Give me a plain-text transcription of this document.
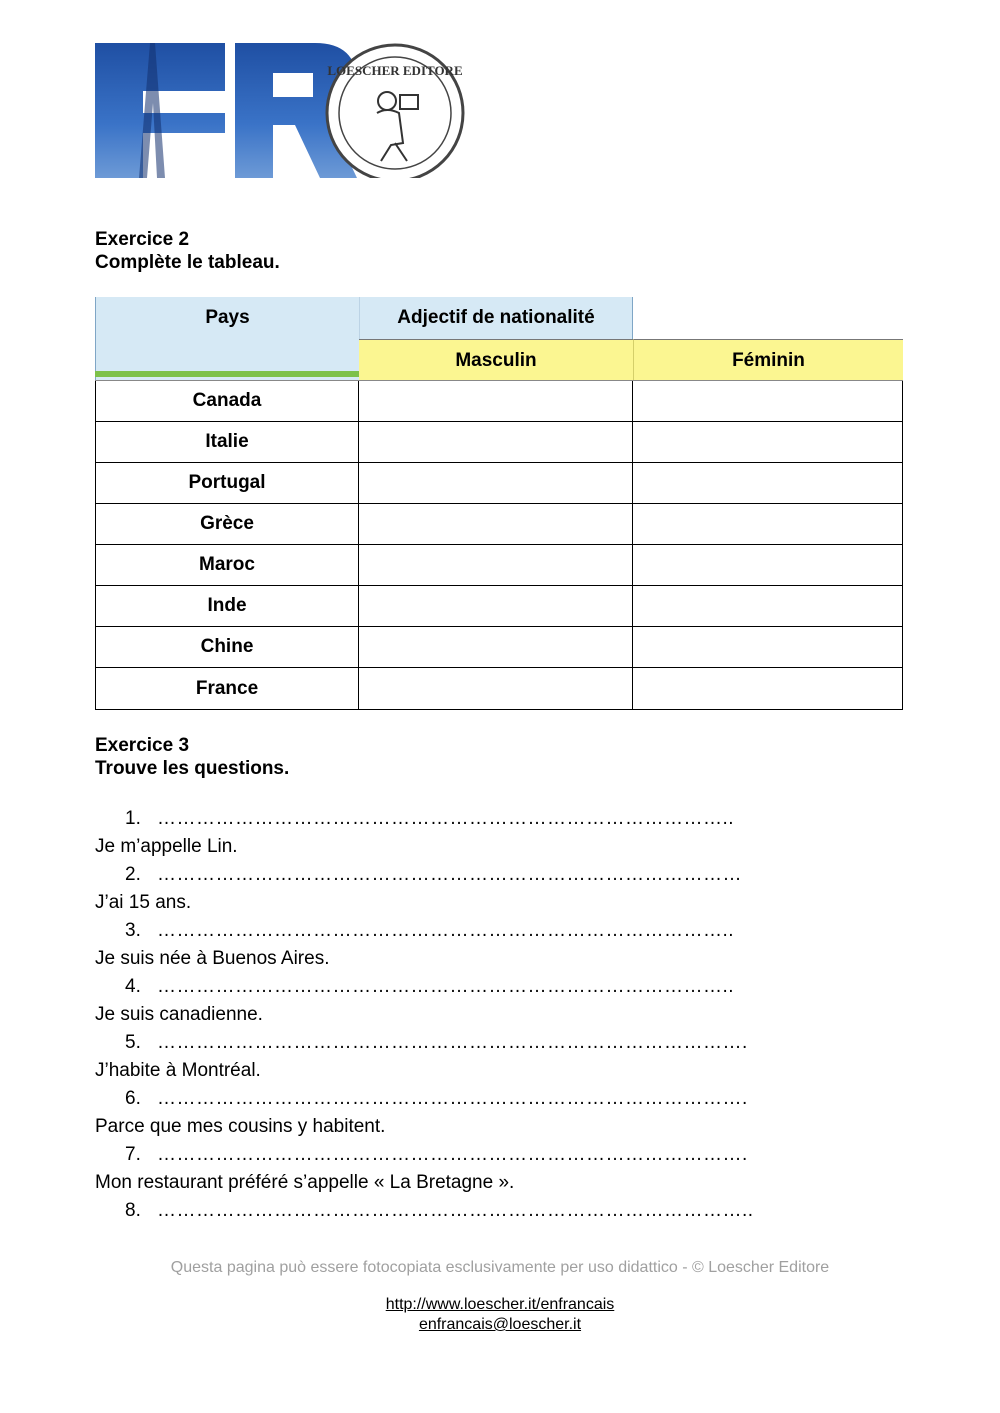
LOESCHER EDITORE
Exercice 2
Complète le tableau.
Pays	Adjectif de nationalité
Masculin	Féminin
Canada
Italie
Portugal
Grèce
Maroc
Inde
Chine
France
Exercice 3
Trouve les questions.
1. ……………………………………………………………………………..
Je m’appelle Lin.
2. ………………………………………………………………………………
J’ai 15 ans.
3. ……………………………………………………………………………..
Je suis née à Buenos Aires.
4. ……………………………………………………………………………..
Je suis canadienne.
5. ……………………………………………………………………………….
J’habite à Montréal.
6. ……………………………………………………………………………….
Parce que mes cousins y habitent.
7. ……………………………………………………………………………….
Mon restaurant préféré s’appelle « La Bretagne ».
8. ………………………………………………………………………………..
Questa pagina può essere fotocopiata esclusivamente per uso didattico - © Loescher Editore
http://www.loescher.it/enfrancais
enfrancais@loescher.it
